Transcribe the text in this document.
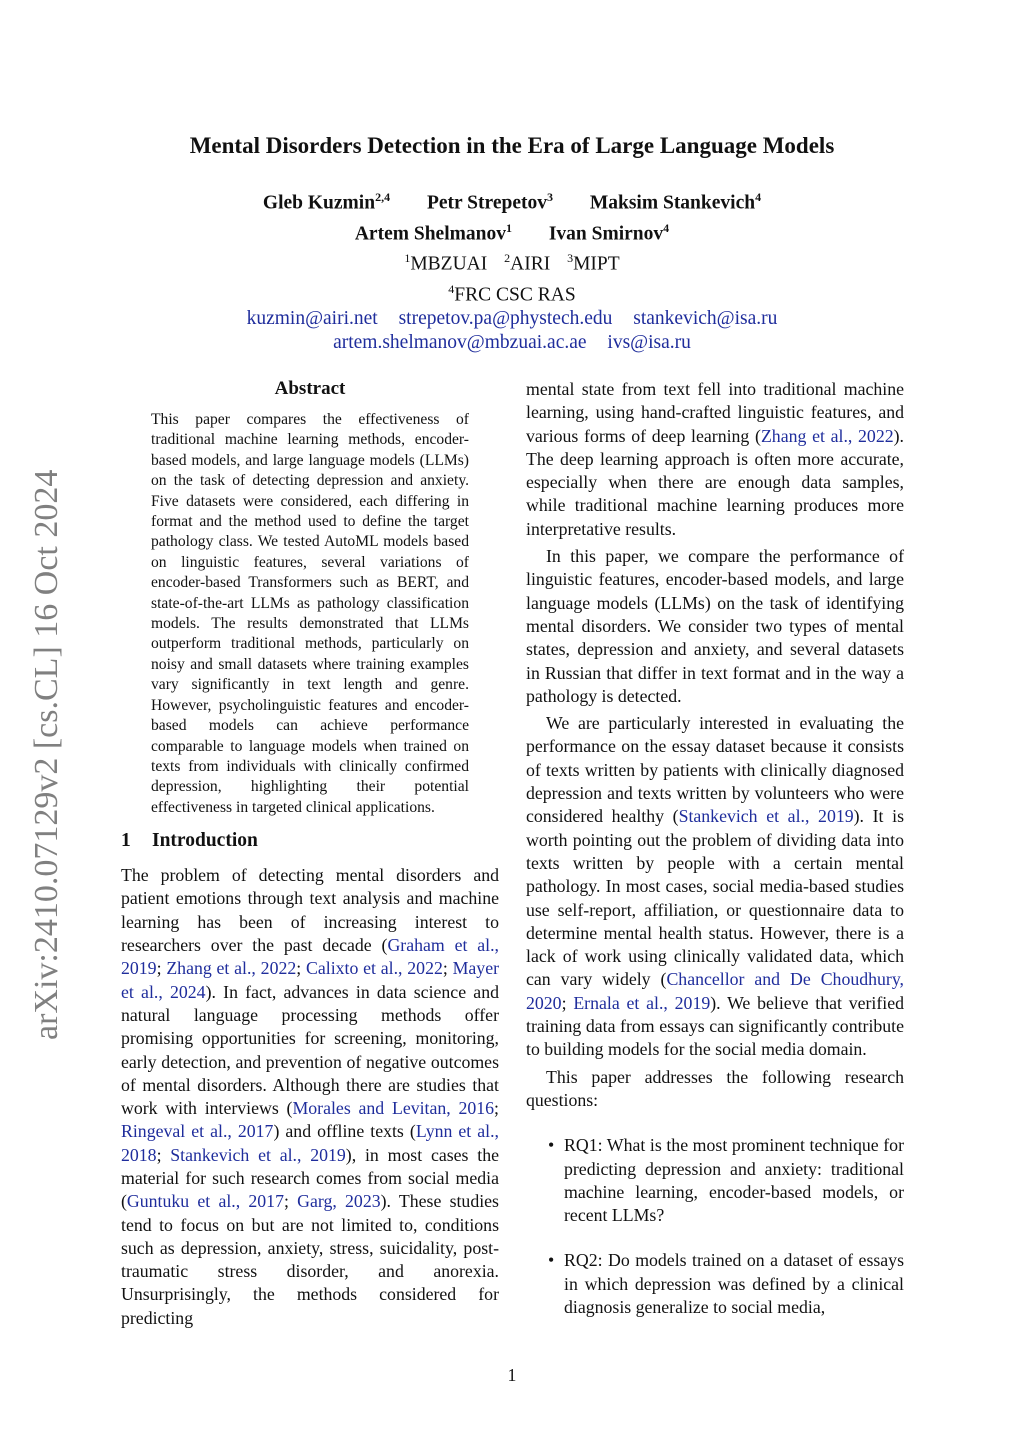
arXiv:2410.07129v2 [cs.CL] 16 Oct 2024
Mental Disorders Detection in the Era of Large Language Models
Gleb Kuzmin$^{2,4}$ Petr Strepetov$^3$ Maksim Stankevich$^4$
Artem Shelmanov$^1$ Ivan Smirnov$^4$
$^1$MBZUAI $^2$AIRI $^3$MIPT
$^4$FRC CSC RAS
kuzmin@airi.net strepetov.pa@phystech.edu stankevich@isa.ru
artem.shelmanov@mbzuai.ac.ae ivs@isa.ru
Abstract

This paper compares the effectiveness of traditional machine learning methods, encoder-based models, and large language models (LLMs) on the task of detecting depression and anxiety. Five datasets were considered, each differing in format and the method used to define the target pathology class. We tested AutoML models based on linguistic features, several variations of encoder-based Transformers such as BERT, and state-of-the-art LLMs as pathology classification models. The results demonstrated that LLMs outperform traditional methods, particularly on noisy and small datasets where training examples vary significantly in text length and genre. However, psycholinguistic features and encoder-based models can achieve performance comparable to language models when trained on texts from individuals with clinically confirmed depression, highlighting their potential effectiveness in targeted clinical applications.

1 Introduction

The problem of detecting mental disorders and patient emotions through text analysis and machine learning has been of increasing interest to researchers over the past decade (Graham et al., 2019; Zhang et al., 2022; Calixto et al., 2022; Mayer et al., 2024). In fact, advances in data science and natural language processing methods offer promising opportunities for screening, monitoring, early detection, and prevention of negative outcomes of mental disorders. Although there are studies that work with interviews (Morales and Levitan, 2016; Ringeval et al., 2017) and offline texts (Lynn et al., 2018; Stankevich et al., 2019), in most cases the material for such research comes from social media (Guntuku et al., 2017; Garg, 2023). These studies tend to focus on but are not limited to, conditions such as depression, anxiety, stress, suicidality, post-traumatic stress disorder, and anorexia. Unsurprisingly, the methods considered for predicting

mental state from text fell into traditional machine learning, using hand-crafted linguistic features, and various forms of deep learning (Zhang et al., 2022). The deep learning approach is often more accurate, especially when there are enough data samples, while traditional machine learning produces more interpretative results.

In this paper, we compare the performance of linguistic features, encoder-based models, and large language models (LLMs) on the task of identifying mental disorders. We consider two types of mental states, depression and anxiety, and several datasets in Russian that differ in text format and in the way a pathology is detected.

We are particularly interested in evaluating the performance on the essay dataset because it consists of texts written by patients with clinically diagnosed depression and texts written by volunteers who were considered healthy (Stankevich et al., 2019). It is worth pointing out the problem of dividing data into texts written by people with a certain mental pathology. In most cases, social media-based studies use self-report, affiliation, or questionnaire data to determine mental health status. However, there is a lack of work using clinically validated data, which can vary widely (Chancellor and De Choudhury, 2020; Ernala et al., 2019). We believe that verified training data from essays can significantly contribute to building models for the social media domain.

This paper addresses the following research questions:

• RQ1: What is the most prominent technique for predicting depression and anxiety: traditional machine learning, encoder-based models, or recent LLMs?
• RQ2: Do models trained on a dataset of essays in which depression was defined by a clinical diagnosis generalize to social media,
1
